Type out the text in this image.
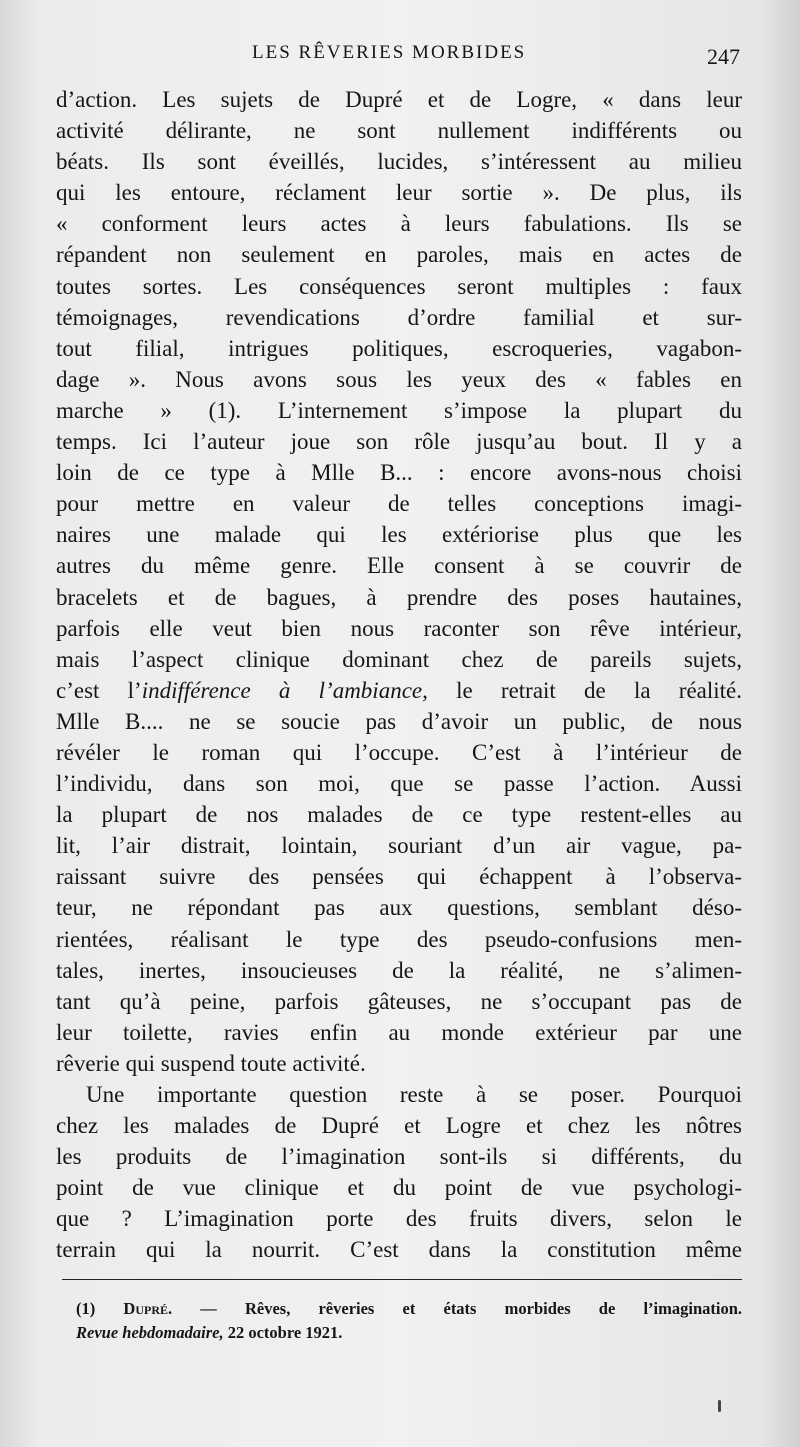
LES RÊVERIES MORBIDES	247
d’action. Les sujets de Dupré et de Logre, « dans leur
activité délirante, ne sont nullement indifférents ou
béats. Ils sont éveillés, lucides, s’intéressent au milieu
qui les entoure, réclament leur sortie ». De plus, ils
« conforment leurs actes à leurs fabulations. Ils se
répandent non seulement en paroles, mais en actes de
toutes sortes. Les conséquences seront multiples : faux
témoignages, revendications d’ordre familial et sur-
tout filial, intrigues politiques, escroqueries, vagabon-
dage ». Nous avons sous les yeux des « fables en
marche » (1). L’internement s’impose la plupart du
temps. Ici l’auteur joue son rôle jusqu’au bout. Il y a
loin de ce type à Mlle B... : encore avons-nous choisi
pour mettre en valeur de telles conceptions imagi-
naires une malade qui les extériorise plus que les
autres du même genre. Elle consent à se couvrir de
bracelets et de bagues, à prendre des poses hautaines,
parfois elle veut bien nous raconter son rêve intérieur,
mais l’aspect clinique dominant chez de pareils sujets,
c’est l’indifférence à l’ambiance, le retrait de la réalité.
Mlle B.... ne se soucie pas d’avoir un public, de nous
révéler le roman qui l’occupe. C’est à l’intérieur de
l’individu, dans son moi, que se passe l’action. Aussi
la plupart de nos malades de ce type restent-elles au
lit, l’air distrait, lointain, souriant d’un air vague, pa-
raissant suivre des pensées qui échappent à l’observa-
teur, ne répondant pas aux questions, semblant déso-
rientées, réalisant le type des pseudo-confusions men-
tales, inertes, insoucieuses de la réalité, ne s’alimen-
tant qu’à peine, parfois gâteuses, ne s’occupant pas de
leur toilette, ravies enfin au monde extérieur par une
rêverie qui suspend toute activité.
Une importante question reste à se poser. Pourquoi
chez les malades de Dupré et Logre et chez les nôtres
les produits de l’imagination sont-ils si différents, du
point de vue clinique et du point de vue psychologi-
que ? L’imagination porte des fruits divers, selon le
terrain qui la nourrit. C’est dans la constitution même
(1) Dupré. — Rêves, rêveries et états morbides de l’imagination.
Revue hebdomadaire, 22 octobre 1921.
